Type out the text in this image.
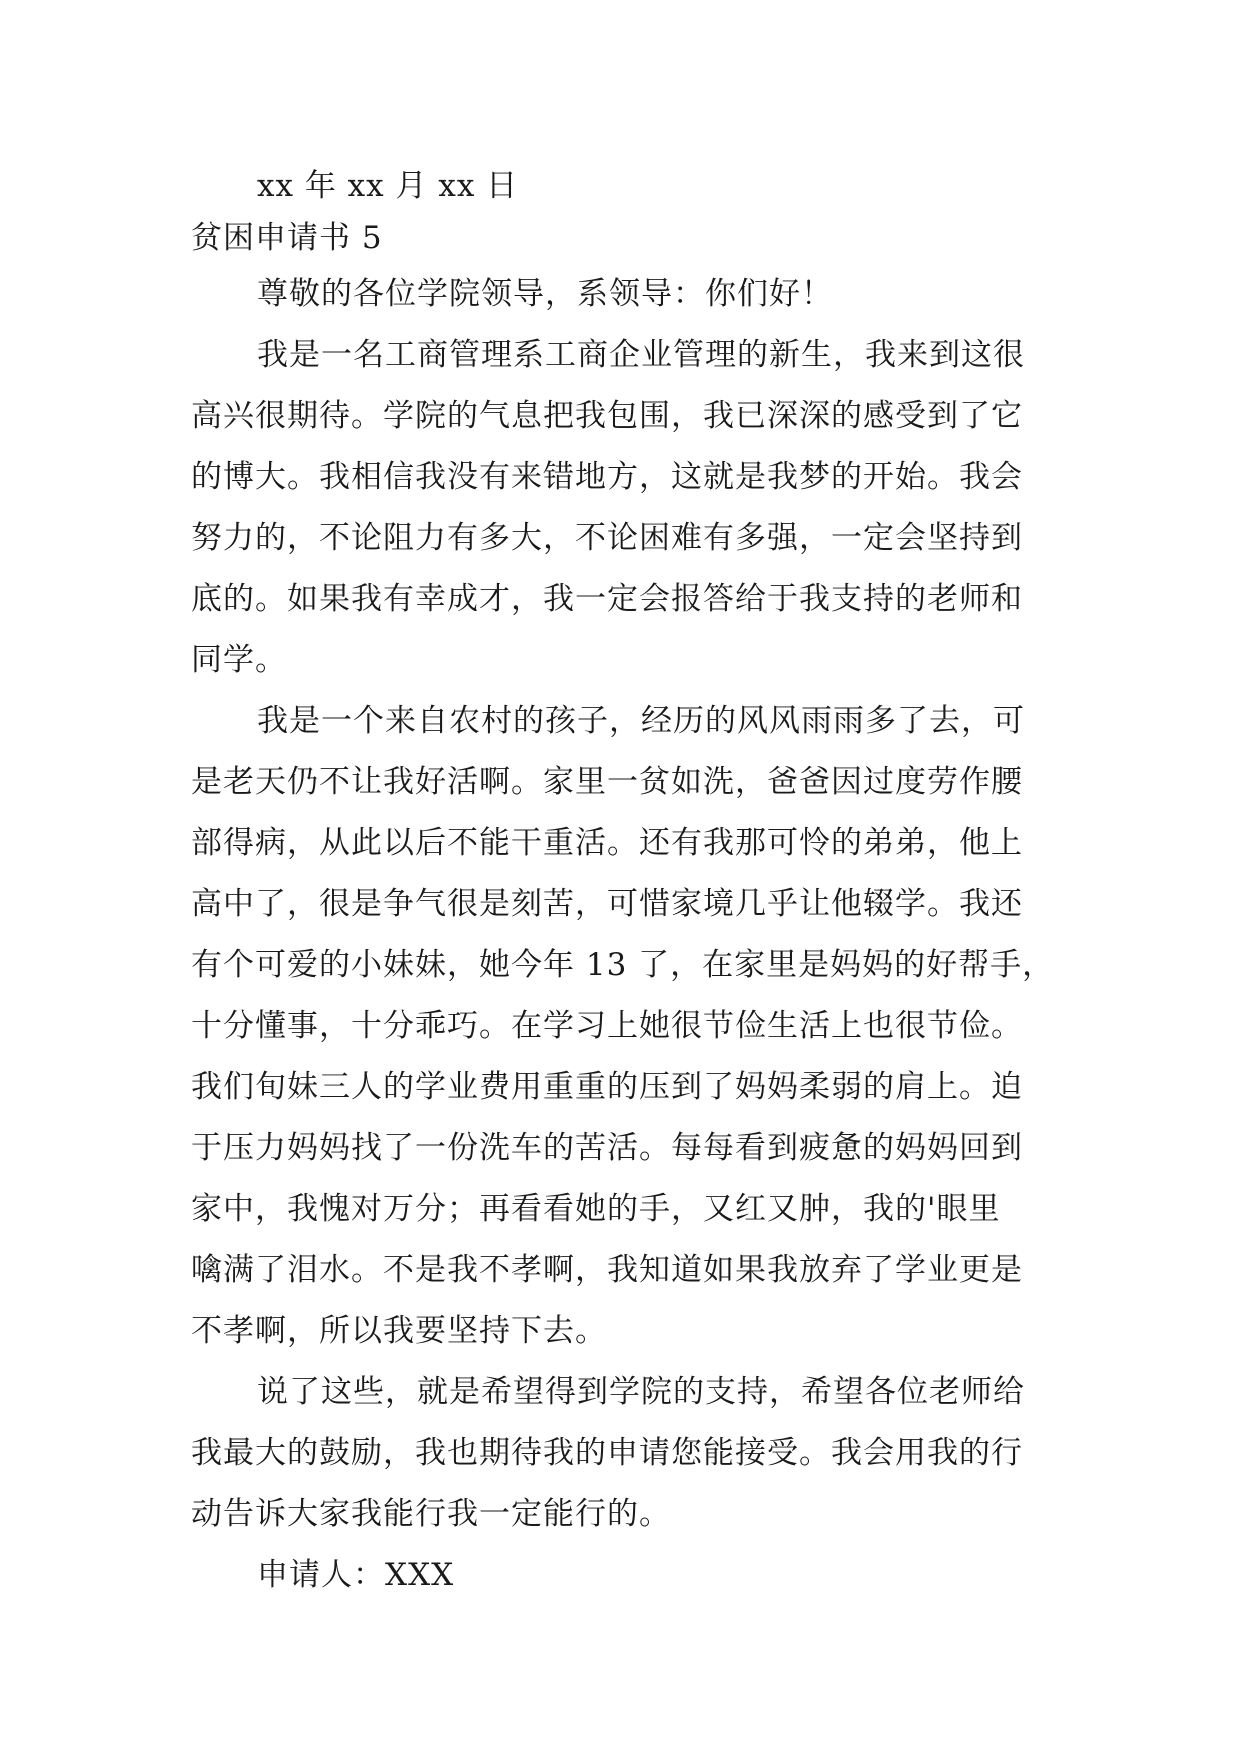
xx 年 xx 月 xx 日
贫困申请书 5
尊敬的各位学院领导，系领导：你们好！
我是一名工商管理系工商企业管理的新生，我来到这很
高兴很期待。学院的气息把我包围，我已深深的感受到了它
的博大。我相信我没有来错地方，这就是我梦的开始。我会
努力的，不论阻力有多大，不论困难有多强，一定会坚持到
底的。如果我有幸成才，我一定会报答给于我支持的老师和
同学。
我是一个来自农村的孩子，经历的风风雨雨多了去，可
是老天仍不让我好活啊。家里一贫如洗，爸爸因过度劳作腰
部得病，从此以后不能干重活。还有我那可怜的弟弟，他上
高中了，很是争气很是刻苦，可惜家境几乎让他辍学。我还
有个可爱的小妹妹，她今年 13 了，在家里是妈妈的好帮手，
十分懂事，十分乖巧。在学习上她很节俭生活上也很节俭。
我们旬妹三人的学业费用重重的压到了妈妈柔弱的肩上。迫
于压力妈妈找了一份洗车的苦活。每每看到疲惫的妈妈回到
家中，我愧对万分；再看看她的手，又红又肿，我的'眼里
噙满了泪水。不是我不孝啊，我知道如果我放弃了学业更是
不孝啊，所以我要坚持下去。
说了这些，就是希望得到学院的支持，希望各位老师给
我最大的鼓励，我也期待我的申请您能接受。我会用我的行
动告诉大家我能行我一定能行的。
申请人：XXX
